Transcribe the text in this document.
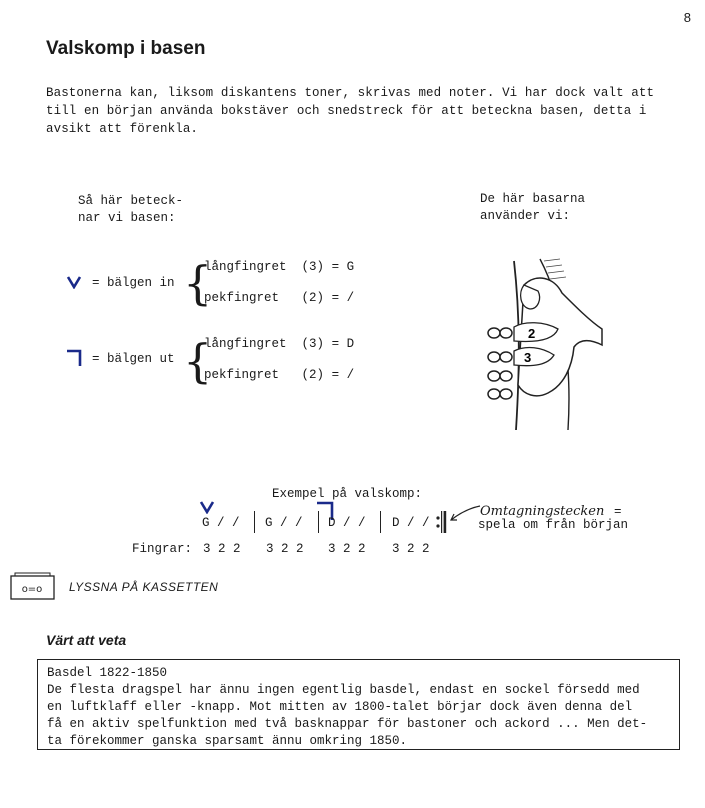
8
Valskomp i basen
Bastonerna kan, liksom diskantens toner, skrivas med noter. Vi har dock valt att
till en början använda bokstäver och snedstreck för att beteckna basen, detta i
avsikt att förenkla.
Så här beteck-
nar vi basen:
De här basarna
använder vi:
= bälgen in {
långfingret (3) = G
pekfingret (2) = /
= bälgen ut {
långfingret (3) = D
pekfingret (2) = /
2
3
Exempel på valskomp:
G / / G / / D / / D / /
Omtagningstecken =
spela om från början
Fingrar: 3 2 2 3 2 2 3 2 2 3 2 2
o=o LYSSNA PÅ KASSETTEN
Värt att veta
Basdel 1822-1850
De flesta dragspel har ännu ingen egentlig basdel, endast en sockel försedd med
en luftklaff eller -knapp. Mot mitten av 1800-talet börjar dock även denna del
få en aktiv spelfunktion med två basknappar för bastoner och ackord ... Men det-
ta förekommer ganska sparsamt ännu omkring 1850.
